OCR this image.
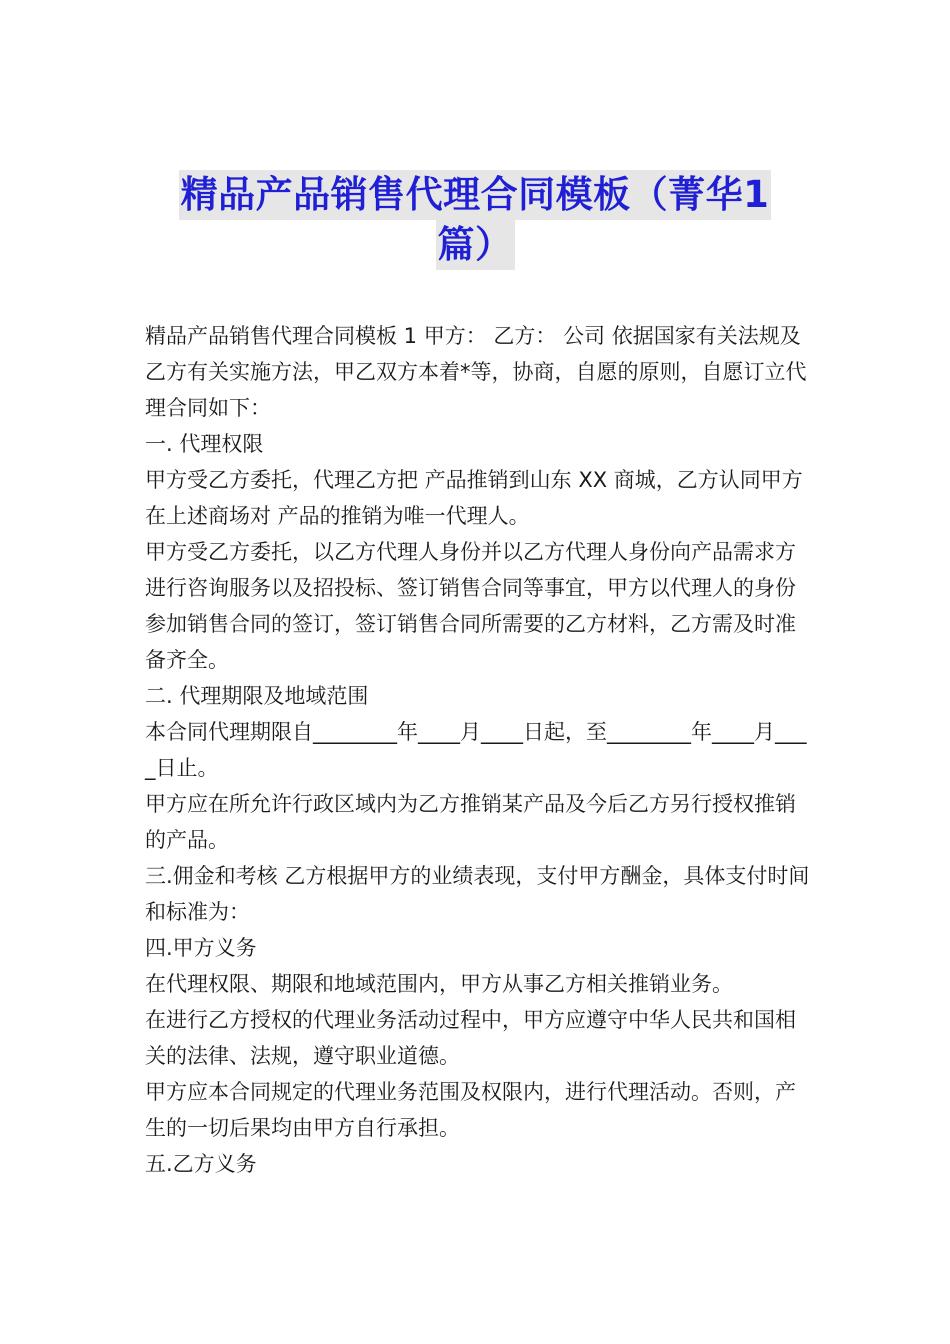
精品产品销售代理合同模板（菁华1
篇）

精品产品销售代理合同模板 1 甲方： 乙方： 公司 依据国家有关法规及乙方有关实施方法，甲乙双方本着*等，协商，自愿的原则，自愿订立代理合同如下：

一. 代理权限

甲方受乙方委托，代理乙方把 产品推销到山东 XX 商城，乙方认同甲方在上述商场对 产品的推销为唯一代理人。

甲方受乙方委托，以乙方代理人身份并以乙方代理人身份向产品需求方进行咨询服务以及招投标、签订销售合同等事宜，甲方以代理人的身份参加销售合同的签订，签订销售合同所需要的乙方材料，乙方需及时准备齐全。

二. 代理期限及地域范围

本合同代理期限自________年____月____日起，至________年____月____日止。

甲方应在所允许行政区域内为乙方推销某产品及今后乙方另行授权推销的产品。

三.佣金和考核 乙方根据甲方的业绩表现，支付甲方酬金，具体支付时间和标准为：

四.甲方义务

在代理权限、期限和地域范围内，甲方从事乙方相关推销业务。

在进行乙方授权的代理业务活动过程中，甲方应遵守中华人民共和国相关的法律、法规，遵守职业道德。

甲方应本合同规定的代理业务范围及权限内，进行代理活动。否则，产生的一切后果均由甲方自行承担。

五.乙方义务
